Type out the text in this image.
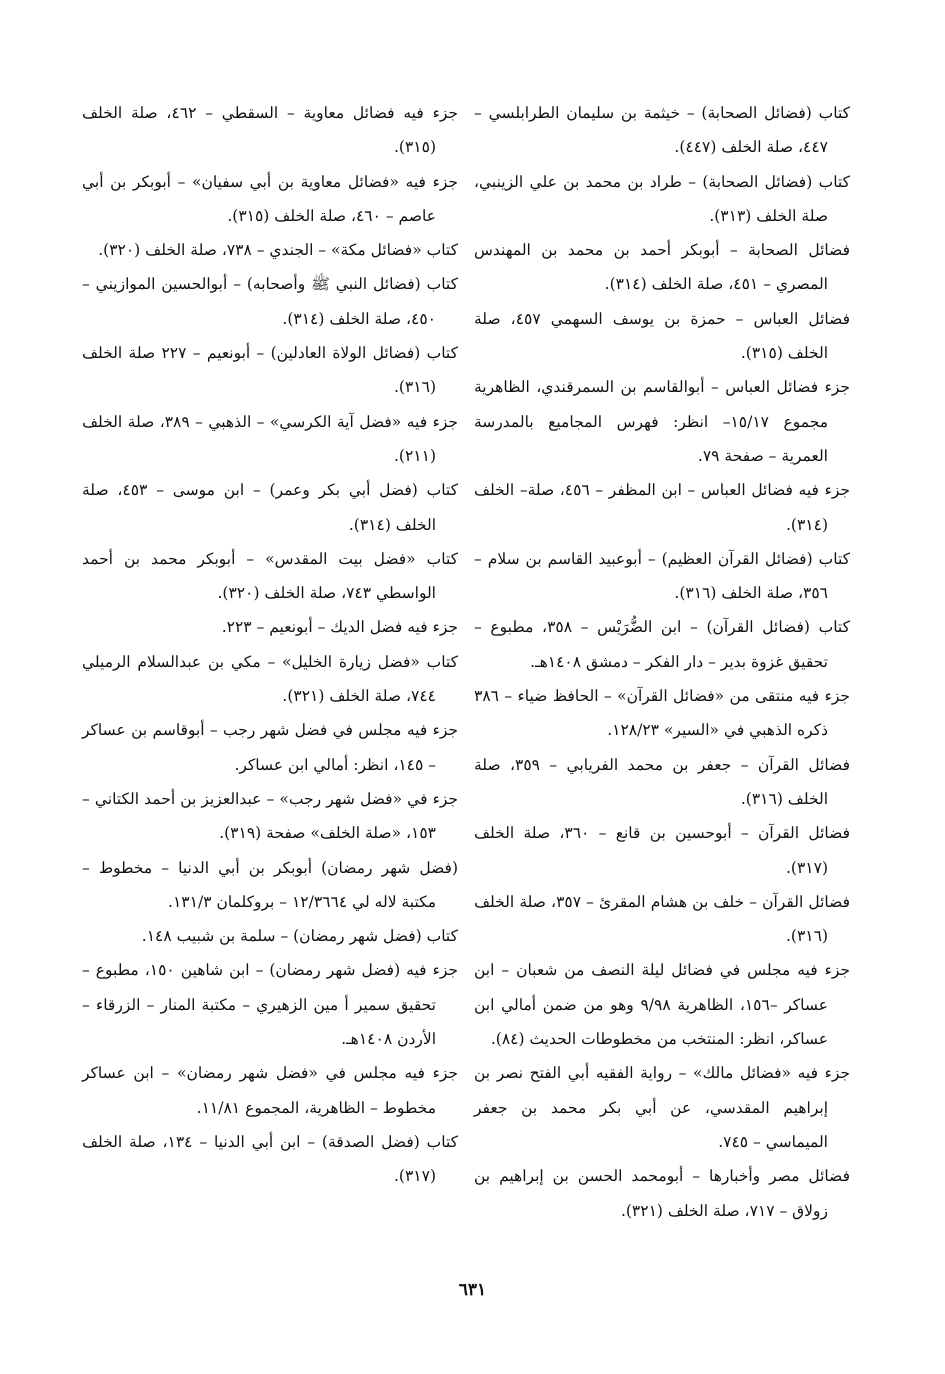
كتاب (فضائل الصحابة) – خيثمة بن سليمان الطرابلسي – ٤٤٧، صلة الخلف (٤٤٧).

كتاب (فضائل الصحابة) – طراد بن محمد بن علي الزينبي، صلة الخلف (٣١٣).

فضائل الصحابة – أبوبكر أحمد بن محمد بن المهندس المصري – ٤٥١، صلة الخلف (٣١٤).

فضائل العباس – حمزة بن يوسف السهمي ٤٥٧، صلة الخلف (٣١٥).

جزء فضائل العباس – أبوالقاسم بن السمرقندي، الظاهرية مجموع ١٥/١٧– انظر: فهرس المجاميع بالمدرسة العمرية – صفحة ٧٩.

جزء فيه فضائل العباس – ابن المظفر – ٤٥٦، صلة– الخلف (٣١٤).

كتاب (فضائل القرآن العظيم) – أبوعبيد القاسم بن سلام – ٣٥٦، صلة الخلف (٣١٦).

كتاب (فضائل القرآن) – ابن الضُّرَيْس – ٣٥٨، مطبوع – تحقيق غزوة بدير – دار الفكر – دمشق ١٤٠٨هـ.

جزء فيه منتقى من «فضائل القرآن» – الحافظ ضياء – ٣٨٦ ذكره الذهبي في «السير» ١٢٨/٢٣.

فضائل القرآن – جعفر بن محمد الفريابي – ٣٥٩، صلة الخلف (٣١٦).

فضائل القرآن – أبوحسين بن قانع – ٣٦٠، صلة الخلف (٣١٧).

فضائل القرآن – خلف بن هشام المقرئ – ٣٥٧، صلة الخلف (٣١٦).

جزء فيه مجلس في فضائل ليلة النصف من شعبان – ابن عساكر –١٥٦، الظاهرية ٩/٩٨ وهو من ضمن أمالي ابن عساكر، انظر: المنتخب من مخطوطات الحديث (٨٤).

جزء فيه «فضائل مالك» – رواية الفقيه أبي الفتح نصر بن إبراهيم المقدسي، عن أبي بكر محمد بن جعفر الميماسي – ٧٤٥.

فضائل مصر وأخبارها – أبومحمد الحسن بن إبراهيم بن زولاق – ٧١٧، صلة الخلف (٣٢١).

جزء فيه فضائل معاوية – السقطي – ٤٦٢، صلة الخلف (٣١٥).

جزء فيه «فضائل معاوية بن أبي سفيان» – أبوبكر بن أبي عاصم – ٤٦٠، صلة الخلف (٣١٥).

كتاب «فضائل مكة» – الجندي – ٧٣٨، صلة الخلف (٣٢٠).

كتاب (فضائل النبي ﷺ وأصحابه) – أبوالحسين الموازيني – ٤٥٠، صلة الخلف (٣١٤).

كتاب (فضائل الولاة العادلين) – أبونعيم – ٢٢٧ صلة الخلف (٣١٦).

جزء فيه «فضل آية الكرسي» – الذهبي – ٣٨٩، صلة الخلف (٢١١).

كتاب (فضل أبي بكر وعمر) – ابن موسى – ٤٥٣، صلة الخلف (٣١٤).

كتاب «فضل بيت المقدس» – أبوبكر محمد بن أحمد الواسطي ٧٤٣، صلة الخلف (٣٢٠).

جزء فيه فضل الديك – أبونعيم – ٢٢٣.

كتاب «فضل زيارة الخليل» – مكي بن عبدالسلام الرميلي ٧٤٤، صلة الخلف (٣٢١).

جزء فيه مجلس في فضل شهر رجب – أبوقاسم بن عساكر – ١٤٥، انظر: أمالي ابن عساكر.

جزء في «فضل شهر رجب» – عبدالعزيز بن أحمد الكتاني – ١٥٣، «صلة الخلف» صفحة (٣١٩).

(فضل شهر رمضان) أبوبكر بن أبي الدنيا – مخطوط – مكتبة لاله لي ١٢/٣٦٦٤ – بروكلمان ١٣١/٣.

كتاب (فضل شهر رمضان) – سلمة بن شبيب ١٤٨.

جزء فيه (فضل شهر رمضان) – ابن شاهين ١٥٠، مطبوع – تحقيق سمير أ مين الزهيري – مكتبة المنار – الزرقاء – الأردن ١٤٠٨هـ.

جزء فيه مجلس في «فضل شهر رمضان» – ابن عساكر مخطوط – الظاهرية، المجموع ١١/٨١.

كتاب (فضل الصدقة) – ابن أبي الدنيا – ١٣٤، صلة الخلف (٣١٧).

٦٣١
